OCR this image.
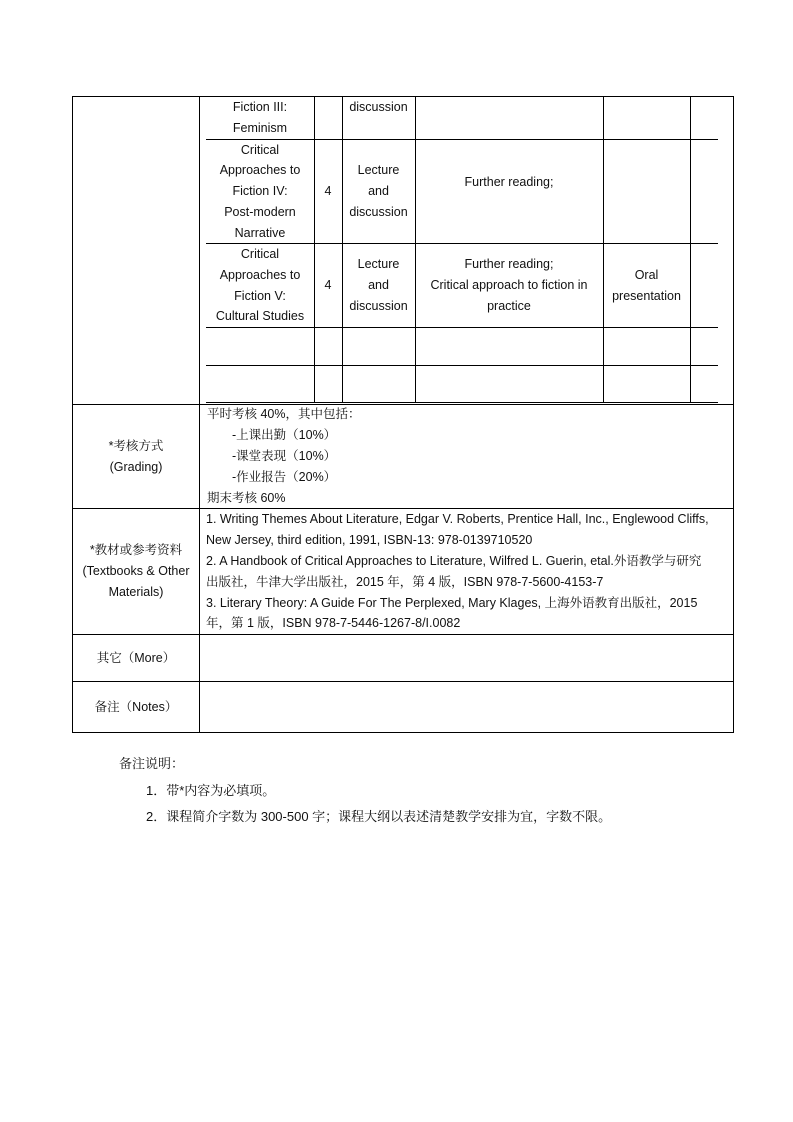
Fiction III:
Feminism
discussion
Critical
Approaches to
Fiction IV:
Post-modern
Narrative
4
Lecture
and
discussion
Further reading;
Critical
Approaches to
Fiction V:
Cultural Studies
4
Lecture
and
discussion
Further reading;
Critical approach to fiction in
practice
Oral
presentation
*考核方式
(Grading)
平时考核 40%，其中包括：
-上课出勤（10%）
-课堂表现（10%）
-作业报告（20%）
期末考核 60%
*教材或参考资料
(Textbooks & Other
Materials)
1. Writing Themes About Literature, Edgar V. Roberts, Prentice Hall, Inc., Englewood Cliffs,
New Jersey, third edition, 1991, ISBN-13: 978-0139710520
2. A Handbook of Critical Approaches to Literature, Wilfred L. Guerin, etal.外语教学与研究
出版社，牛津大学出版社，2015 年，第 4 版，ISBN 978-7-5600-4153-7
3. Literary Theory: A Guide For The Perplexed, Mary Klages, 上海外语教育出版社，2015
年，第 1 版，ISBN 978-7-5446-1267-8/I.0082
其它（More）
备注（Notes）
备注说明：
1．带*内容为必填项。
2．课程简介字数为 300-500 字；课程大纲以表述清楚教学安排为宜，字数不限。
